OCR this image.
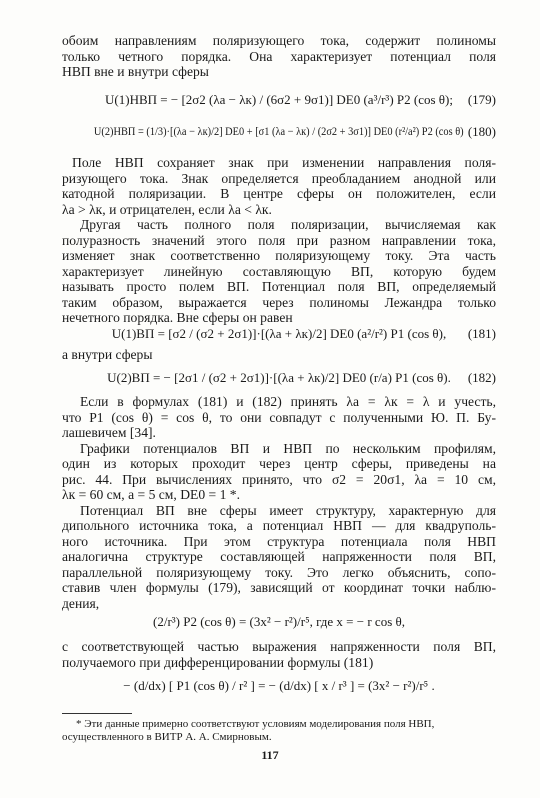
обоим направлениям поляризующего тока, содержит полиномы
только четного порядка. Она характеризует потенциал поля
НВП вне и внутри сферы
U(1)НВП = − [2σ2 (λа − λк) / (6σ2 + 9σ1)] DE0 (a³/r³) P2 (cos θ); (179)
U(2)НВП = (1/3)·[(λа − λк)/2] DE0 + [σ1 (λа − λк) / (2σ2 + 3σ1)] DE0 (r²/a²) P2 (cos θ) (180)
Поле НВП сохраняет знак при изменении направления поля-
ризующего тока. Знак определяется преобладанием анодной или
катодной поляризации. В центре сферы он положителен, если
λа > λк, и отрицателен, если λа < λк.
Другая часть полного поля поляризации, вычисляемая как
полуразность значений этого поля при разном направлении тока,
изменяет знак соответственно поляризующему току. Эта часть
характеризует линейную составляющую ВП, которую будем
называть просто полем ВП. Потенциал поля ВП, определяемый
таким образом, выражается через полиномы Лежандра только
нечетного порядка. Вне сферы он равен
U(1)ВП = [σ2 / (σ2 + 2σ1)]·[(λа + λк)/2] DE0 (a²/r²) P1 (cos θ), (181)
а внутри сферы
U(2)ВП = − [2σ1 / (σ2 + 2σ1)]·[(λа + λк)/2] DE0 (r/a) P1 (cos θ). (182)
Если в формулах (181) и (182) принять λа = λк = λ и учесть,
что P1 (cos θ) = cos θ, то они совпадут с полученными Ю. П. Бу-
лашевичем [34].
Графики потенциалов ВП и НВП по нескольким профилям,
один из которых проходит через центр сферы, приведены на
рис. 44. При вычислениях принято, что σ2 = 20σ1, λа = 10 см,
λк = 60 см, a = 5 см, DE0 = 1 *.
Потенциал ВП вне сферы имеет структуру, характерную для
дипольного источника тока, а потенциал НВП — для квадруполь-
ного источника. При этом структура потенциала поля НВП
аналогична структуре составляющей напряженности поля ВП,
параллельной поляризующему току. Это легко объяснить, сопо-
ставив член формулы (179), зависящий от координат точки наблю-
дения,
(2/r³) P2 (cos θ) = (3x² − r²)/r⁵, где x = − r cos θ,
с соответствующей частью выражения напряженности поля ВП,
получаемого при дифференцировании формулы (181)
− (d/dx) [ P1 (cos θ) / r² ] = − (d/dx) [ x / r³ ] = (3x² − r²)/r⁵ .
* Эти данные примерно соответствуют условиям моделирования поля НВП,
осуществленного в ВИТР А. А. Смирновым.
117
